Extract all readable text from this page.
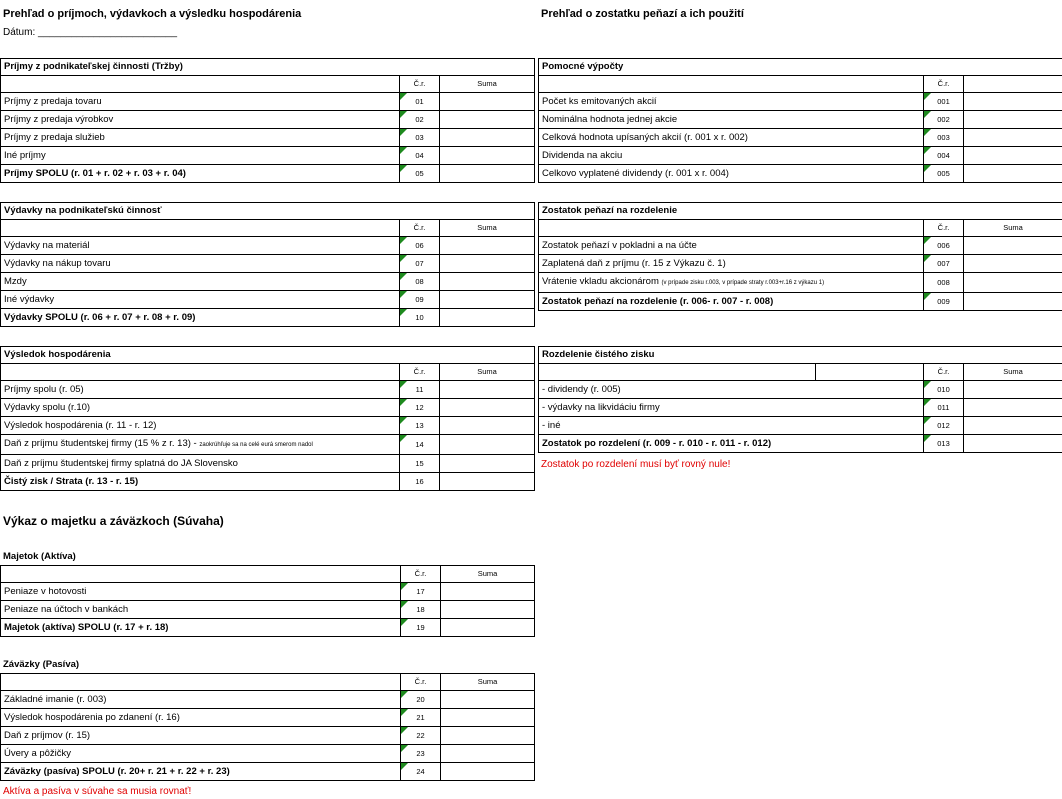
Prehľad o príjmoch, výdavkoch a výsledku hospodárenia
Dátum: _________________________
Prehľad o zostatku peňazí a ich použití
Príjmy z podnikateľskej činnosti (Tržby)		
	Č.r.	Suma
Príjmy z predaja tovaru	01	
Príjmy z predaja výrobkov	02	
Príjmy z predaja služieb	03	
Iné príjmy	04	
Príjmy SPOLU (r. 01 + r. 02 + r. 03 + r. 04)	05	
Výdavky na podnikateľskú činnosť		
	Č.r.	Suma
Výdavky na materiál	06	
Výdavky na nákup tovaru	07	
Mzdy	08	
Iné výdavky	09	
Výdavky SPOLU (r. 06 + r. 07 + r. 08 + r. 09)	10	
Výsledok hospodárenia		
	Č.r.	Suma
Príjmy spolu (r. 05)	11	
Výdavky spolu (r.10)	12	
Výsledok hospodárenia (r. 11 - r. 12)	13	
Daň z príjmu študentskej firmy (15 % z r. 13) - zaokrúhľuje sa na celé eurá smerom nadol	14	
Daň z príjmu študentskej firmy splatná do JA Slovensko	15	
Čistý zisk / Strata (r. 13 - r. 15)	16	
Pomocné výpočty		
	Č.r.	
Počet ks emitovaných akcií	001	
Nominálna hodnota jednej akcie	002	
Celková hodnota upísaných akcií (r. 001 x r. 002)	003	
Dividenda na akciu	004	
Celkovo vyplatené dividendy (r. 001 x r. 004)	005	
Zostatok peňazí na rozdelenie		
	Č.r.	Suma
Zostatok peňazí v pokladni a na účte	006	
Zaplatená daň z príjmu (r. 15 z Výkazu č. 1)	007	
Vrátenie vkladu akcionárom (v prípade zisku r.003, v prípade straty r.003+r.16 z výkazu 1)	008	
Zostatok peňazí na rozdelenie (r. 006- r. 007 - r. 008)	009	
Rozdelenie čistého zisku			
		Č.r.	Suma
- dividendy (r. 005)		010	
- výdavky na likvidáciu firmy		011	
- iné		012	
Zostatok po rozdelení (r. 009 - r. 010 - r. 011 - r. 012)		013	
Zostatok po rozdelení musí byť rovný nule!
Výkaz o majetku a záväzkoch (Súvaha)
Majetok (Aktíva)
	Č.r.	Suma
Peniaze v hotovosti	17	
Peniaze na účtoch v bankách	18	
Majetok (aktíva) SPOLU (r. 17 + r. 18)	19	
Záväzky (Pasíva)
	Č.r.	Suma
Základné imanie (r. 003)	20	
Výsledok hospodárenia po zdanení (r. 16)	21	
Daň z príjmov (r. 15)	22	
Úvery a pôžičky	23	
Záväzky (pasíva) SPOLU (r. 20+ r. 21 + r. 22 + r. 23)	24	
Aktíva a pasíva v súvahe sa musia rovnať!
